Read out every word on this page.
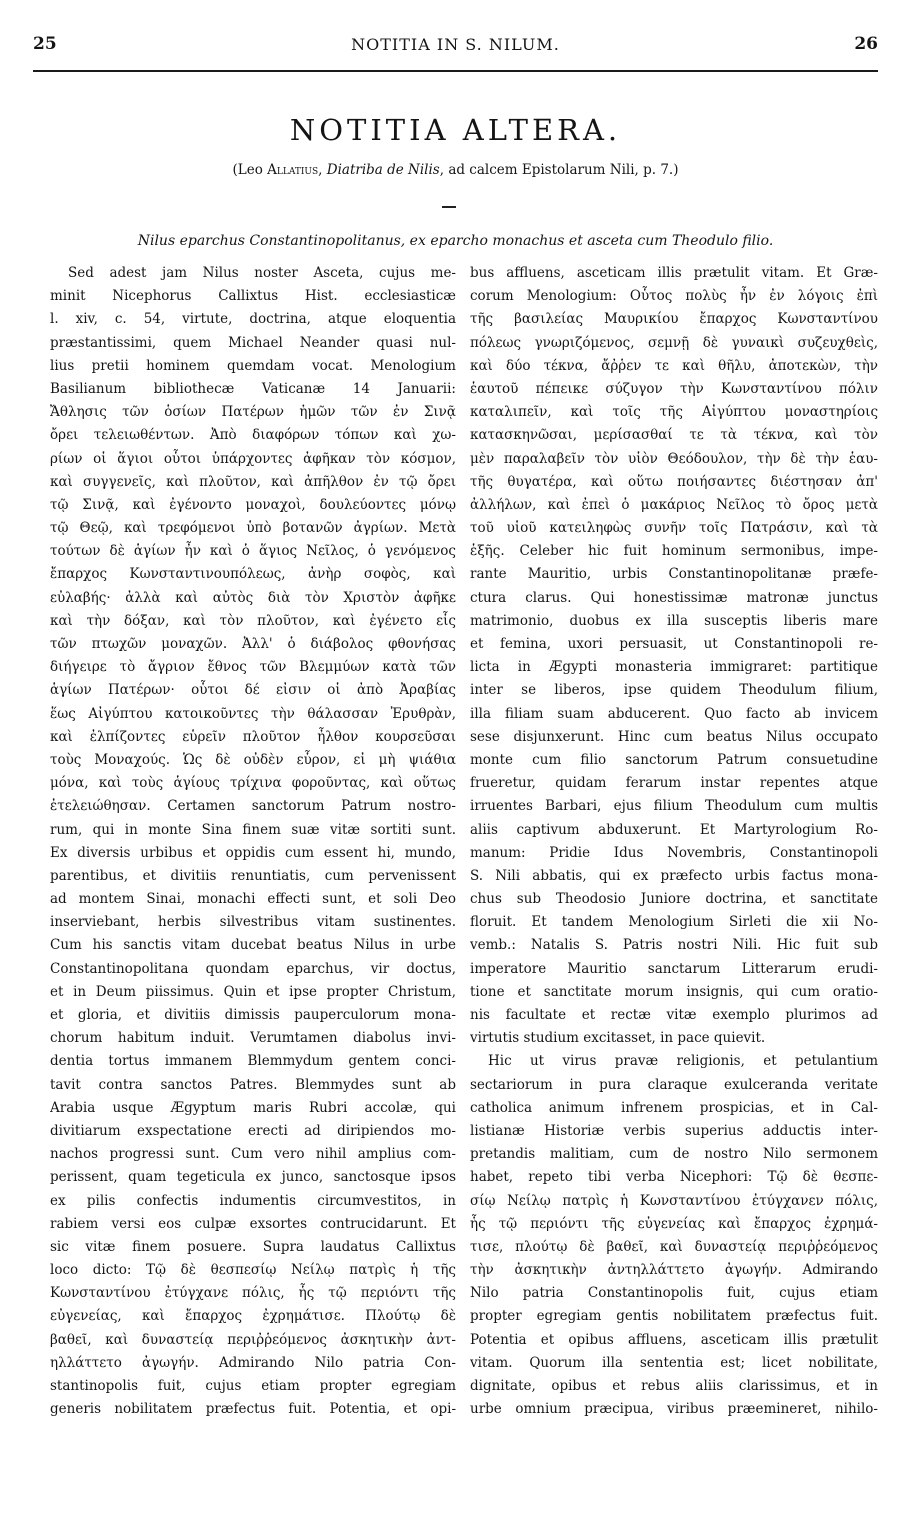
25	NOTITIA IN S. NILUM.	26
NOTITIA ALTERA.
(Leo Allatius, Diatriba de Nilis, ad calcem Epistolarum Nili, p. 7.)
Nilus eparchus Constantinopolitanus, ex eparcho monachus et asceta cum Theodulo filio.
Sed adest jam Nilus noster Asceta, cujus me-
minit Nicephorus Callixtus Hist. ecclesiasticæ
l. xiv, c. 54, virtute, doctrina, atque eloquentia
præstantissimi, quem Michael Neander quasi nul-
lius pretii hominem quemdam vocat. Menologium
Basilianum bibliothecæ Vaticanæ 14 Januarii:
Ἄθλησις τῶν ὁσίων Πατέρων ἡμῶν τῶν ἐν Σινᾷ
ὄρει τελειωθέντων. Ἀπὸ διαφόρων τόπων καὶ χω-
ρίων οἱ ἅγιοι οὗτοι ὑπάρχοντες ἀφῆκαν τὸν κόσμον,
καὶ συγγενεῖς, καὶ πλοῦτον, καὶ ἀπῆλθον ἐν τῷ ὄρει
τῷ Σινᾷ, καὶ ἐγένοντο μοναχοὶ, δουλεύοντες μόνῳ
τῷ Θεῷ, καὶ τρεφόμενοι ὑπὸ βοτανῶν ἀγρίων. Μετὰ
τούτων δὲ ἁγίων ἦν καὶ ὁ ἅγιος Νεῖλος, ὁ γενόμενος
ἔπαρχος Κωνσταντινουπόλεως, ἀνὴρ σοφὸς, καὶ
εὐλαβής· ἀλλὰ καὶ αὐτὸς διὰ τὸν Χριστὸν ἀφῆκε
καὶ τὴν δόξαν, καὶ τὸν πλοῦτον, καὶ ἐγένετο εἷς
τῶν πτωχῶν μοναχῶν. Ἀλλ' ὁ διάβολος φθονήσας
διήγειρε τὸ ἄγριον ἔθνος τῶν Βλεμμύων κατὰ τῶν
ἁγίων Πατέρων· οὗτοι δέ εἰσιν οἱ ἀπὸ Ἀραβίας
ἕως Αἰγύπτου κατοικοῦντες τὴν θάλασσαν Ἐρυθρὰν,
καὶ ἐλπίζοντες εὑρεῖν πλοῦτον ἦλθον κουρσεῦσαι
τοὺς Μοναχούς. Ὡς δὲ οὐδὲν εὗρον, εἰ μὴ ψιάθια
μόνα, καὶ τοὺς ἁγίους τρίχινα φοροῦντας, καὶ οὕτως
ἐτελειώθησαν. Certamen sanctorum Patrum nostro-
rum, qui in monte Sina finem suæ vitæ sortiti sunt.
Ex diversis urbibus et oppidis cum essent hi, mundo,
parentibus, et divitiis renuntiatis, cum pervenissent
ad montem Sinai, monachi effecti sunt, et soli Deo
inserviebant, herbis silvestribus vitam sustinentes.
Cum his sanctis vitam ducebat beatus Nilus in urbe
Constantinopolitana quondam eparchus, vir doctus,
et in Deum piissimus. Quin et ipse propter Christum,
et gloria, et divitiis dimissis pauperculorum mona-
chorum habitum induit. Verumtamen diabolus invi-
dentia tortus immanem Blemmydum gentem conci-
tavit contra sanctos Patres. Blemmydes sunt ab
Arabia usque Ægyptum maris Rubri accolæ, qui
divitiarum exspectatione erecti ad diripiendos mo-
nachos progressi sunt. Cum vero nihil amplius com-
perissent, quam tegeticula ex junco, sanctosque ipsos
ex pilis confectis indumentis circumvestitos, in
rabiem versi eos culpæ exsortes contrucidarunt. Et
sic vitæ finem posuere. Supra laudatus Callixtus
loco dicto: Τῷ δὲ θεσπεσίῳ Νείλῳ πατρὶς ἡ τῆς
Κωνσταντίνου ἐτύγχανε πόλις, ἧς τῷ περιόντι τῆς
εὐγενείας, καὶ ἔπαρχος ἐχρημάτισε. Πλούτῳ δὲ
βαθεῖ, καὶ δυναστείᾳ περιῤῥεόμενος ἀσκητικὴν ἀντ-
ηλλάττετο ἀγωγήν. Admirando Nilo patria Con-
stantinopolis fuit, cujus etiam propter egregiam
generis nobilitatem præfectus fuit. Potentia, et opi-
bus affluens, asceticam illis prætulit vitam. Et Græ-
corum Menologium: Οὗτος πολὺς ἦν ἐν λόγοις ἐπὶ
τῆς βασιλείας Μαυρικίου ἔπαρχος Κωνσταντίνου
πόλεως γνωριζόμενος, σεμνῇ δὲ γυναικὶ συζευχθεὶς,
καὶ δύο τέκνα, ἄῤῥεν τε καὶ θῆλυ, ἀποτεκὼν, τὴν
ἑαυτοῦ πέπεικε σύζυγον τὴν Κωνσταντίνου πόλιν
καταλιπεῖν, καὶ τοῖς τῆς Αἰγύπτου μοναστηρίοις
κατασκηνῶσαι, μερίσασθαί τε τὰ τέκνα, καὶ τὸν
μὲν παραλαβεῖν τὸν υἱὸν Θεόδουλον, τὴν δὲ τὴν ἑαυ-
τῆς θυγατέρα, καὶ οὕτω ποιήσαντες διέστησαν ἀπ'
ἀλλήλων, καὶ ἐπεὶ ὁ μακάριος Νεῖλος τὸ ὄρος μετὰ
τοῦ υἱοῦ κατειληφὼς συνῆν τοῖς Πατράσιν, καὶ τὰ
ἑξῆς. Celeber hic fuit hominum sermonibus, impe-
rante Mauritio, urbis Constantinopolitanæ præfe-
ctura clarus. Qui honestissimæ matronæ junctus
matrimonio, duobus ex illa susceptis liberis mare
et femina, uxori persuasit, ut Constantinopoli re-
licta in Ægypti monasteria immigraret: partitique
inter se liberos, ipse quidem Theodulum filium,
illa filiam suam abducerent. Quo facto ab invicem
sese disjunxerunt. Hinc cum beatus Nilus occupato
monte cum filio sanctorum Patrum consuetudine
frueretur, quidam ferarum instar repentes atque
irruentes Barbari, ejus filium Theodulum cum multis
aliis captivum abduxerunt. Et Martyrologium Ro-
manum: Pridie Idus Novembris, Constantinopoli
S. Nili abbatis, qui ex præfecto urbis factus mona-
chus sub Theodosio Juniore doctrina, et sanctitate
floruit. Et tandem Menologium Sirleti die xii No-
vemb.: Natalis S. Patris nostri Nili. Hic fuit sub
imperatore Mauritio sanctarum Litterarum erudi-
tione et sanctitate morum insignis, qui cum oratio-
nis facultate et rectæ vitæ exemplo plurimos ad
virtutis studium excitasset, in pace quievit.
Hic ut virus pravæ religionis, et petulantium
sectariorum in pura claraque exulceranda veritate
catholica animum infrenem prospicias, et in Cal-
listianæ Historiæ verbis superius adductis inter-
pretandis malitiam, cum de nostro Nilo sermonem
habet, repeto tibi verba Nicephori: Τῷ δὲ θεσπε-
σίῳ Νείλῳ πατρὶς ἡ Κωνσταντίνου ἐτύγχανεν πόλις,
ἧς τῷ περιόντι τῆς εὐγενείας καὶ ἔπαρχος ἐχρημά-
τισε, πλούτῳ δὲ βαθεῖ, καὶ δυναστείᾳ περιῤῥεόμενος
τὴν ἀσκητικὴν ἀντηλλάττετο ἀγωγήν. Admirando
Nilo patria Constantinopolis fuit, cujus etiam
propter egregiam gentis nobilitatem præfectus fuit.
Potentia et opibus affluens, asceticam illis prætulit
vitam. Quorum illa sententia est; licet nobilitate,
dignitate, opibus et rebus aliis clarissimus, et in
urbe omnium præcipua, viribus præemineret, nihilo-
